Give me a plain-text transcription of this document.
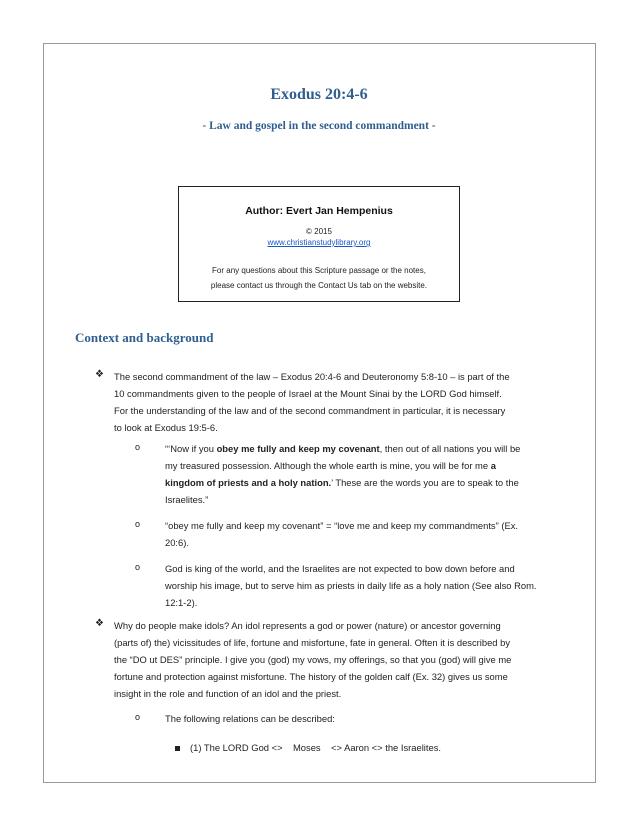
Exodus 20:4-6
- Law and gospel in the second commandment -
Author: Evert Jan Hempenius
© 2015
www.christianstudylibrary.org
For any questions about this Scripture passage or the notes,
please contact us through the Contact Us tab on the website.
Context and background
❖ The second commandment of the law – Exodus 20:4-6 and Deuteronomy 5:8-10 – is part of the
10 commandments given to the people of Israel at the Mount Sinai by the LORD God himself.
For the understanding of the law and of the second commandment in particular, it is necessary
to look at Exodus 19:5-6.
o	“‘Now if you obey me fully and keep my covenant, then out of all nations you will be
my treasured possession. Although the whole earth is mine, you will be for me a
kingdom of priests and a holy nation.’ These are the words you are to speak to the
Israelites.”
o	“obey me fully and keep my covenant” = “love me and keep my commandments” (Ex.
20:6).
o	God is king of the world, and the Israelites are not expected to bow down before and
worship his image, but to serve him as priests in daily life as a holy nation (See also Rom.
12:1-2).
❖ Why do people make idols? An idol represents a god or power (nature) or ancestor governing
(parts of) the) vicissitudes of life, fortune and misfortune, fate in general. Often it is described by
the “DO ut DES” principle. I give you (god) my vows, my offerings, so that you (god) will give me
fortune and protection against misfortune. The history of the golden calf (Ex. 32) gives us some
insight in the role and function of an idol and the priest.
o	The following relations can be described:
(1) The LORD God <>    Moses    <> Aaron <> the Israelites.
